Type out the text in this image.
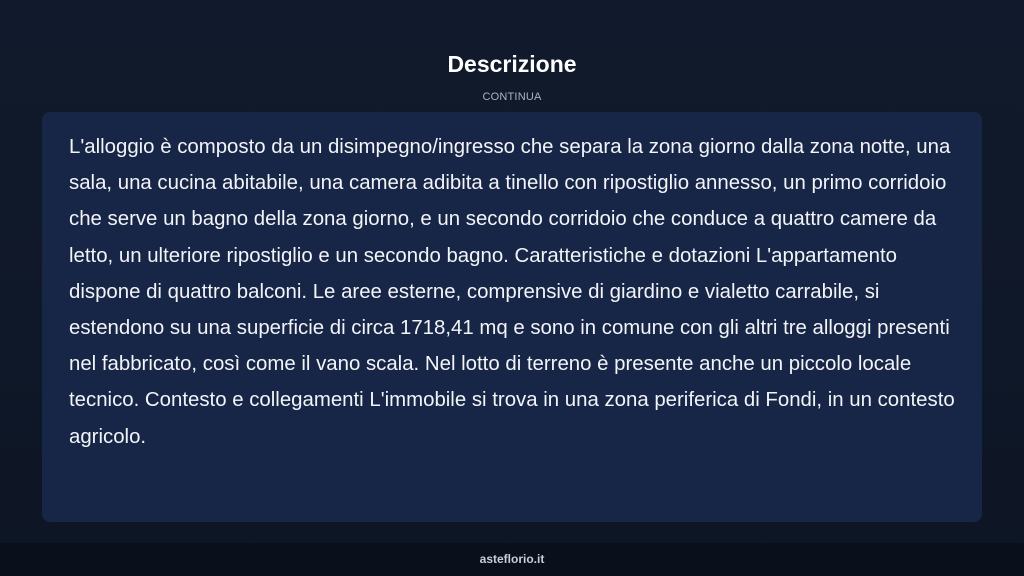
Descrizione
CONTINUA

L'alloggio è composto da un disimpegno/ingresso che separa la zona giorno dalla zona notte, una sala, una cucina abitabile, una camera adibita a tinello con ripostiglio annesso, un primo corridoio che serve un bagno della zona giorno, e un secondo corridoio che conduce a quattro camere da letto, un ulteriore ripostiglio e un secondo bagno. Caratteristiche e dotazioni L'appartamento dispone di quattro balconi. Le aree esterne, comprensive di giardino e vialetto carrabile, si estendono su una superficie di circa 1718,41 mq e sono in comune con gli altri tre alloggi presenti nel fabbricato, così come il vano scala. Nel lotto di terreno è presente anche un piccolo locale tecnico. Contesto e collegamenti L'immobile si trova in una zona periferica di Fondi, in un contesto agricolo.

asteflorio.it
